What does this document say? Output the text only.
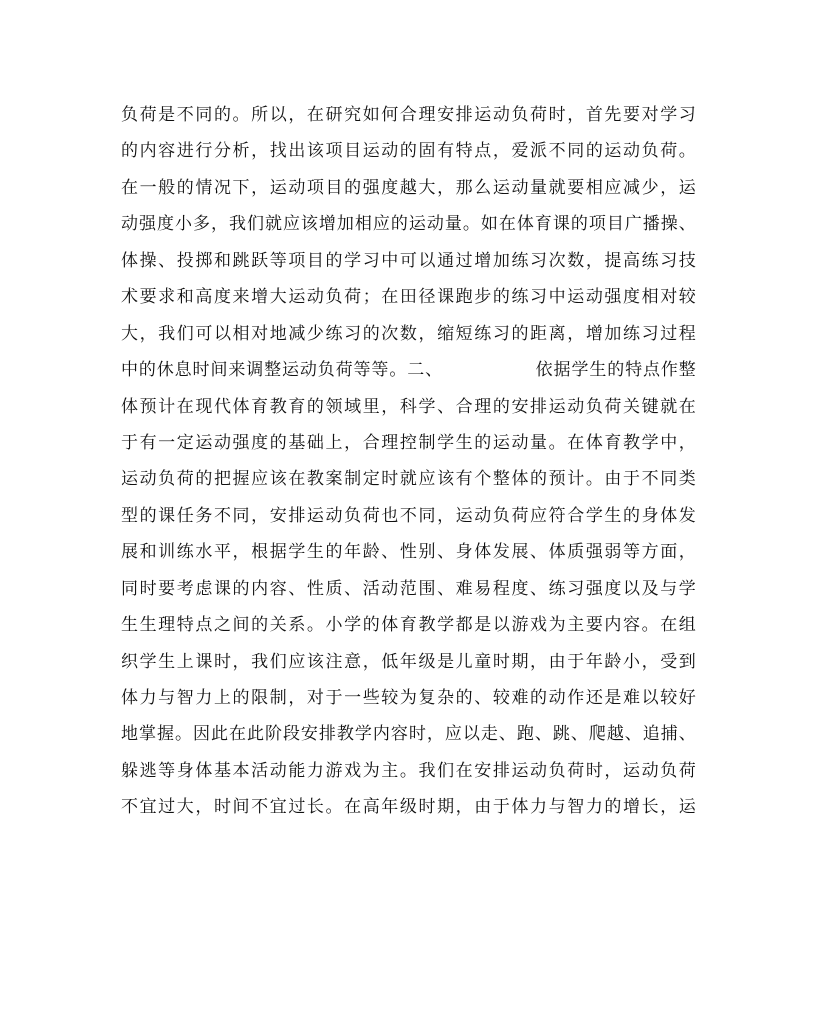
负荷是不同的。所以，在研究如何合理安排运动负荷时，首先要对学习
的内容进行分析，找出该项目运动的固有特点，爱派不同的运动负荷。
在一般的情况下，运动项目的强度越大，那么运动量就要相应减少，运
动强度小多，我们就应该增加相应的运动量。如在体育课的项目广播操、
体操、投掷和跳跃等项目的学习中可以通过增加练习次数，提高练习技
术要求和高度来增大运动负荷；在田径课跑步的练习中运动强度相对较
大，我们可以相对地减少练习的次数，缩短练习的距离，增加练习过程
中的休息时间来调整运动负荷等等。二、	依据学生的特点作整
体预计在现代体育教育的领域里，科学、合理的安排运动负荷关键就在
于有一定运动强度的基础上，合理控制学生的运动量。在体育教学中，
运动负荷的把握应该在教案制定时就应该有个整体的预计。由于不同类
型的课任务不同，安排运动负荷也不同，运动负荷应符合学生的身体发
展和训练水平，根据学生的年龄、性别、身体发展、体质强弱等方面，
同时要考虑课的内容、性质、活动范围、难易程度、练习强度以及与学
生生理特点之间的关系。小学的体育教学都是以游戏为主要内容。在组
织学生上课时，我们应该注意，低年级是儿童时期，由于年龄小，受到
体力与智力上的限制，对于一些较为复杂的、较难的动作还是难以较好
地掌握。因此在此阶段安排教学内容时，应以走、跑、跳、爬越、追捕、
躲逃等身体基本活动能力游戏为主。我们在安排运动负荷时，运动负荷
不宜过大，时间不宜过长。在高年级时期，由于体力与智力的增长，运
